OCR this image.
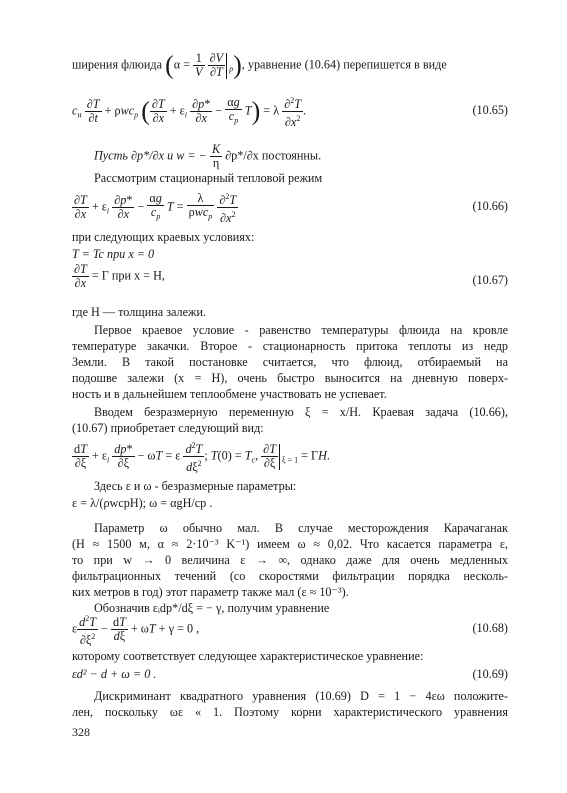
ширения флюида ($\alpha = \frac{1}{V}$
$\frac{\partial V}{\partial T} _p$), уравнение (10.64) перепишется в виде
$c_н \frac{\partial T}{\partial t} + \rho wc_p$ ( $\frac{\partial T}{\partial x} + \varepsilon_i \frac{\partial p*}{\partial x} - \frac{\alpha g}{c_p} T) = \lambda \frac{\partial^2T}{\partial x^2}$ .	(10.65)
Пусть ∂p*/∂x и w = − $\frac{K}{\eta} \partial p*/\partial x$ постоянны.
Рассмотрим стационарный тепловой режим
$\frac{\partial T}{\partial x} + \varepsilon_i \frac{\partial p*}{\partial x} - \frac{\alpha g}{c_p}$ T =
λ
ρwc$_p$
$\frac{\partial^2T}{\partial x^2}$	(10.66)
при следующих краевых условиях:
T = Tc при x = 0
$\frac{\partial T}{\partial x} = \Gamma$ при x = H,	(10.67)
где H — толщина залежи.
Первое краевое условие - равенство температуры флюида на кровле
температуре закачки. Второе - стационарность притока теплоты из недр
Земли. В такой постановке считается, что флюид, отбираемый на
подошве залежи (x = H), очень быстро выносится на дневную поверх-
ность и в дальнейшем теплообмене участвовать не успевает.
Вводем безразмерную переменную ξ = x/H. Краевая задача (10.66),
(10.67) приобретает следующий вид:
$\frac{dT}{\partial\xi} + \varepsilon_i \frac{dp*}{\partial\xi} - \omega T = \varepsilon \frac{d^2T}{d\xi^2}$ ; $T(0) = T_c$, $\frac{\partial T}{\partial\xi} _{\xi = 1} = \Gamma H$.
Здесь ε и ω - безразмерные параметры:
ε = λ/(ρwcpH); ω = αgH/cp .
Параметр ω обычно мал. В случае месторождения Карачаганак
(H ≈ 1500 м, α ≈ 2·10⁻³ K⁻¹) имеем ω ≈ 0,02. Что касается параметра ε,
то при w → 0 величина ε → ∞, однако даже для очень медленных
фильтрационных течений (со скоростями фильтрации порядка несколь-
ких метров в год) этот параметр также мал (ε ≈ 10⁻³).
Обозначив εᵢdp*/dξ = − γ, получим уравнение
ε $\frac{d^2T}{\partial\xi^2} - \frac{dT}{d\xi} + \omega T + \gamma = 0$ ,	(10.68)
которому соответствует следующее характеристическое уравнение:
εd² − d + ω = 0 .	(10.69)
Дискриминант квадратного уравнения (10.69) D = 1 − 4εω положите-
лен, поскольку ωε « 1. Поэтому корни характеристического уравнения
328
